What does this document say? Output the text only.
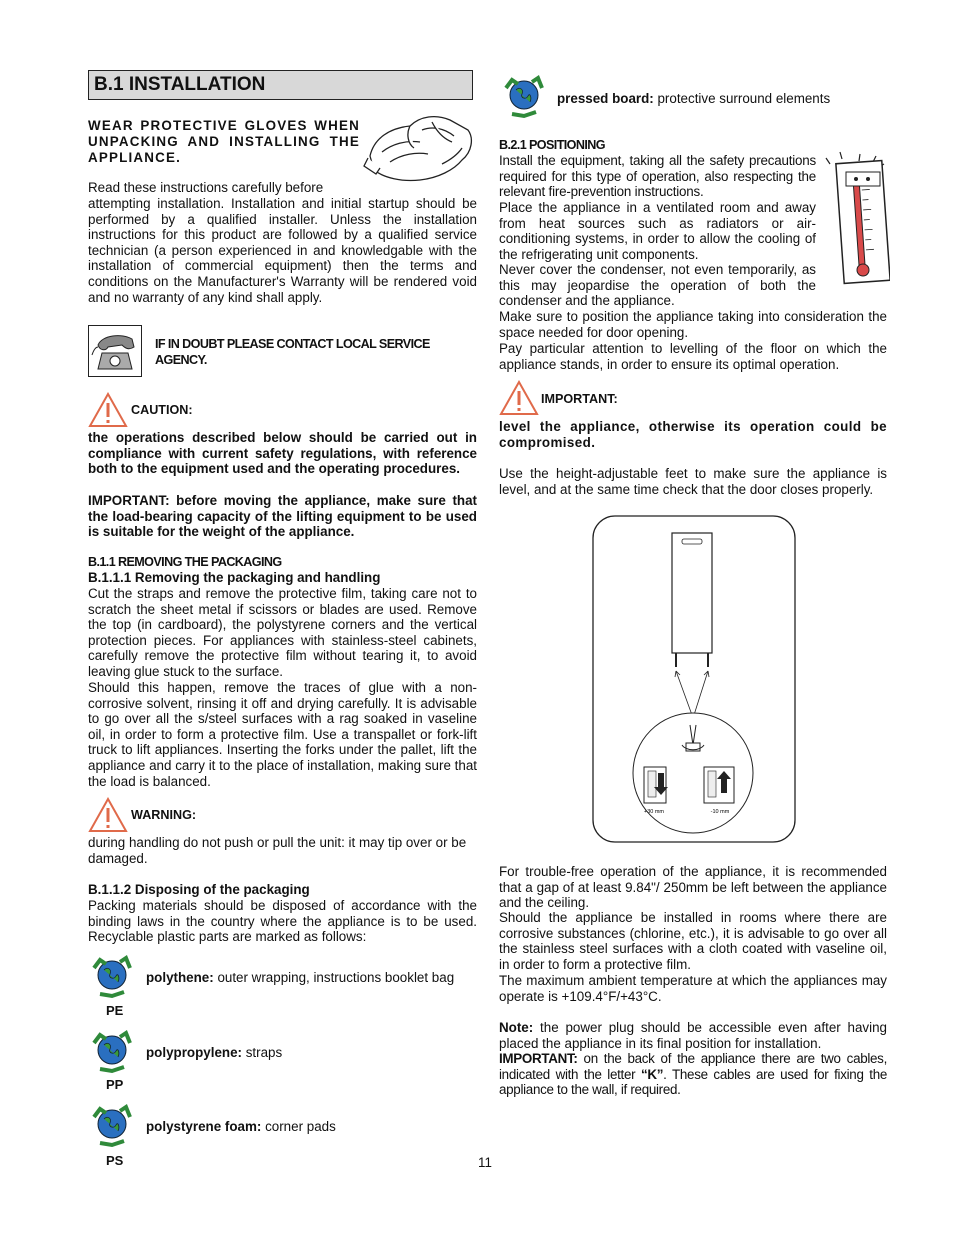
B.1 INSTALLATION

WEAR PROTECTIVE GLOVES WHEN UNPACKING AND INSTALLING THE APPLIANCE.

Read these instructions carefully before

attempting installation. Installation and initial startup should be performed by a qualified installer. Unless the installation instructions for this product are followed by a qualified service technician (a person experienced in and knowledgable with the installation of commercial equipment) then the terms and conditions on the Manufacturer's Warranty will be rendered void and no warranty of any kind shall apply.

IF IN DOUBT PLEASE CONTACT LOCAL SERVICE AGENCY.

CAUTION:

the operations described below should be carried out in compliance with current safety regulations, with reference both to the equipment used and the operating procedures.

IMPORTANT: before moving the appliance, make sure that the load-bearing capacity of the lifting equipment to be used is suitable for the weight of the appliance.

B.1.1 REMOVING THE PACKAGING

B.1.1.1 Removing the packaging and handling

Cut the straps and remove the protective film, taking care not to scratch the sheet metal if scissors or blades are used. Remove the top (in cardboard), the polystyrene corners and the vertical protection pieces. For appliances with stainless-steel cabinets, carefully remove the protective film without tearing it, to avoid leaving glue stuck to the surface.

Should this happen, remove the traces of glue with a non-corrosive solvent, rinsing it off and drying carefully. It is advisable to go over all the s/steel surfaces with a rag soaked in vaseline oil, in order to form a protective film. Use a transpallet or fork-lift truck to lift appliances. Inserting the forks under the pallet, lift the appliance and carry it to the place of installation, making sure that the load is balanced.

WARNING:

during handling do not push or pull the unit: it may tip over or be damaged.

B.1.1.2 Disposing of the packaging

Packing materials should be disposed of accordance with the binding laws in the country where the appliance is to be used. Recyclable plastic parts are marked as follows:

polythene: outer wrapping, instructions booklet bag
PE
polypropylene: straps
PP
polystyrene foam: corner pads
PS

pressed board: protective surround elements

B.2.1 POSITIONING

Install the equipment, taking all the safety precautions required for this type of operation, also respecting the relevant fire-prevention instructions.

Place the appliance in a ventilated room and away from heat sources such as radiators or air-conditioning systems, in order to allow the cooling of the refrigerating unit components.

Never cover the condenser, not even temporarily, as this may jeopardise the operation of both the condenser and the appliance.

Make sure to position the appliance taking into consideration the space needed for door opening.

Pay particular attention to levelling of the floor on which the appliance stands, in order to ensure its optimal operation.

IMPORTANT:

level the appliance, otherwise its operation could be compromised.

Use the height-adjustable feet to make sure the appliance is level, and at the same time check that the door closes properly.

+30 mm	-10 mm

For trouble-free operation of the appliance, it is recommended that a gap of at least 9.84"/ 250mm be left between the appliance and the ceiling.

Should the appliance be installed in rooms where there are corrosive substances (chlorine, etc.), it is advisable to go over all the stainless steel surfaces with a cloth coated with vaseline oil, in order to form a protective film.

The maximum ambient temperature at which the appliances may operate is +109.4°F/+43°C.

Note: the power plug should be accessible even after having placed the appliance in its final position for installation.

IMPORTANT: on the back of the appliance there are two cables, indicated with the letter “K”. These cables are used for fixing the appliance to the wall, if required.

11
